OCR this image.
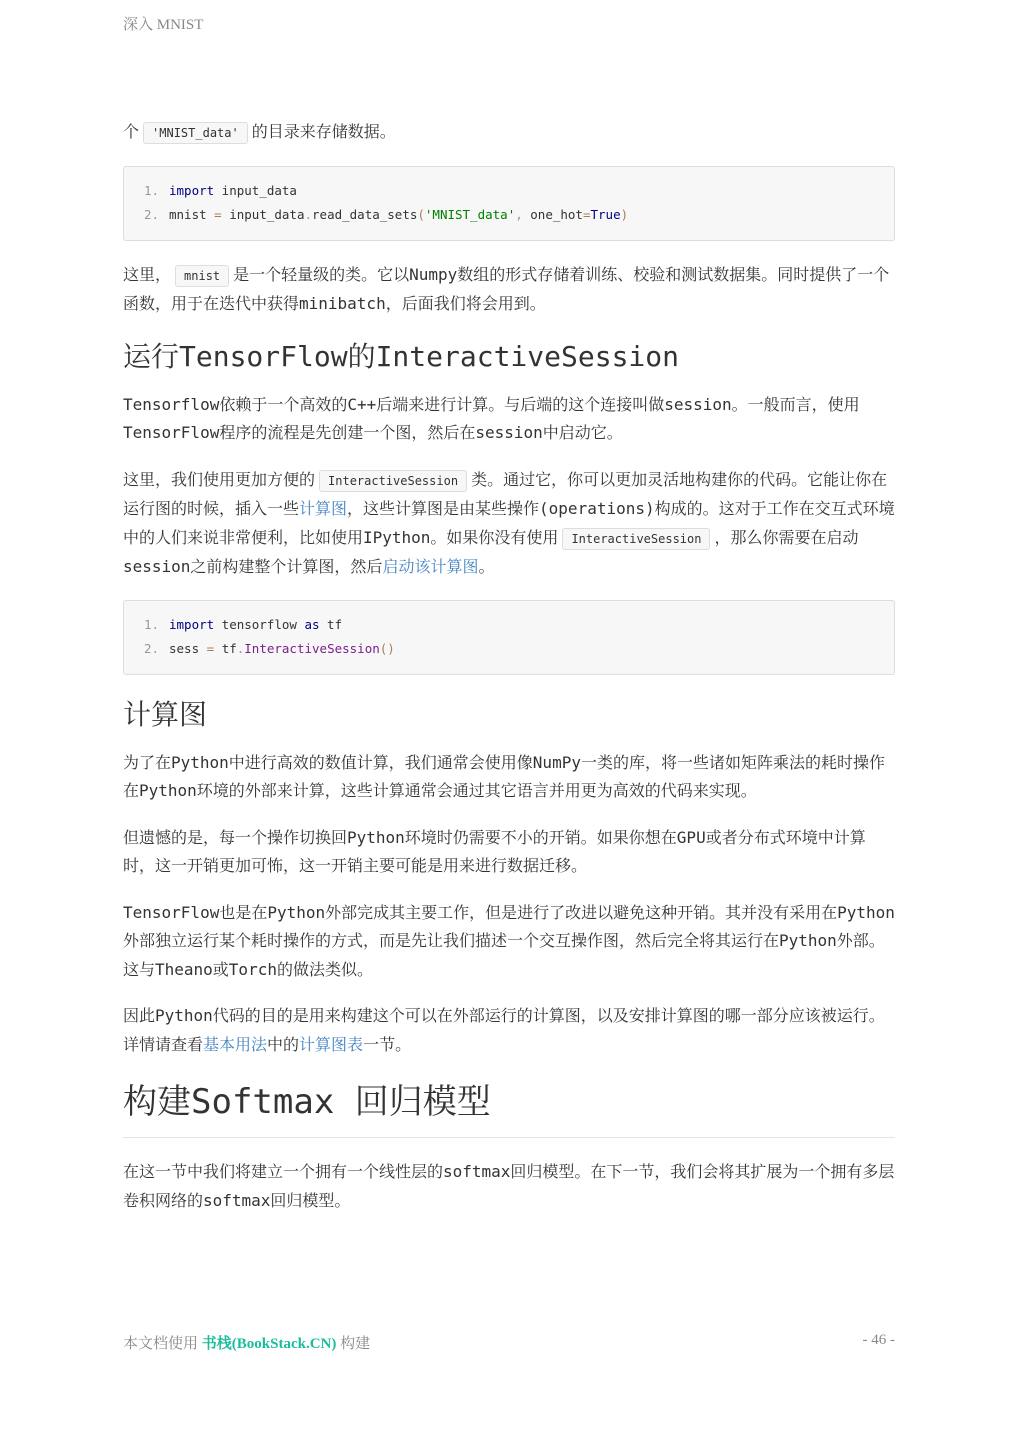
深入 MNIST

个 'MNIST_data' 的目录来存储数据。

1. import input_data
2. mnist = input_data.read_data_sets('MNIST_data', one_hot=True)

这里， mnist 是一个轻量级的类。它以Numpy数组的形式存储着训练、校验和测试数据集。同时提供了一个函数，用于在迭代中获得minibatch，后面我们将会用到。

运行TensorFlow的InteractiveSession

Tensorflow依赖于一个高效的C++后端来进行计算。与后端的这个连接叫做session。一般而言，使用TensorFlow程序的流程是先创建一个图，然后在session中启动它。

这里，我们使用更加方便的 InteractiveSession 类。通过它，你可以更加灵活地构建你的代码。它能让你在运行图的时候，插入一些计算图，这些计算图是由某些操作(operations)构成的。这对于工作在交互式环境中的人们来说非常便利，比如使用IPython。如果你没有使用 InteractiveSession ，那么你需要在启动session之前构建整个计算图，然后启动该计算图。

1. import tensorflow as tf
2. sess = tf.InteractiveSession()
计算图

为了在Python中进行高效的数值计算，我们通常会使用像NumPy一类的库，将一些诸如矩阵乘法的耗时操作在Python环境的外部来计算，这些计算通常会通过其它语言并用更为高效的代码来实现。

但遗憾的是，每一个操作切换回Python环境时仍需要不小的开销。如果你想在GPU或者分布式环境中计算时，这一开销更加可怖，这一开销主要可能是用来进行数据迁移。

TensorFlow也是在Python外部完成其主要工作，但是进行了改进以避免这种开销。其并没有采用在Python外部独立运行某个耗时操作的方式，而是先让我们描述一个交互操作图，然后完全将其运行在Python外部。这与Theano或Torch的做法类似。

因此Python代码的目的是用来构建这个可以在外部运行的计算图，以及安排计算图的哪一部分应该被运行。详情请查看基本用法中的计算图表一节。

构建Softmax 回归模型

在这一节中我们将建立一个拥有一个线性层的softmax回归模型。在下一节，我们会将其扩展为一个拥有多层卷积网络的softmax回归模型。

本文档使用 书栈(BookStack.CN) 构建	- 46 -
